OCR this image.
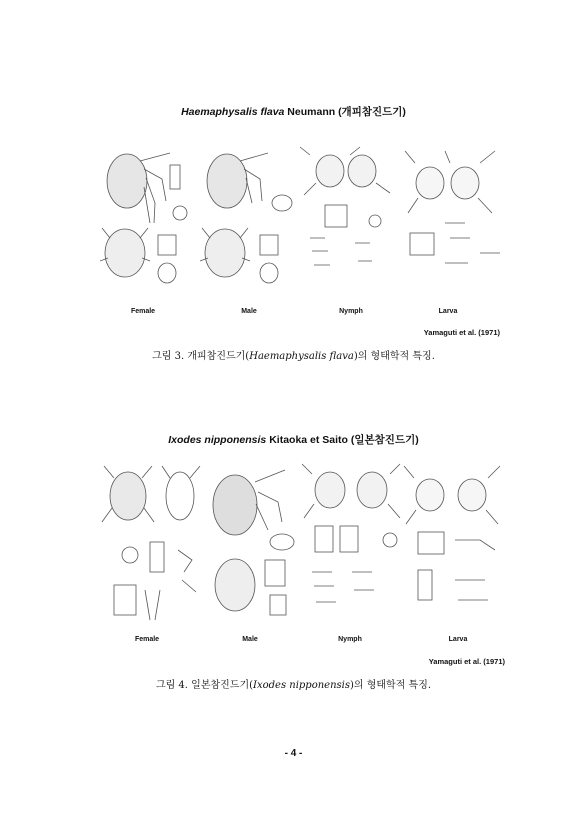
Haemaphysalis flava Neumann (개피참진드기)
Female	Male	Nymph	Larva
Yamaguti et al. (1971)
그림 3. 개피참진드기(Haemaphysalis flava)의 형태학적 특징.
Ixodes nipponensis Kitaoka et Saito (일본참진드기)
Female	Male	Nymph	Larva
Yamaguti et al. (1971)
그림 4. 일본참진드기(Ixodes nipponensis)의 형태학적 특징.
- 4 -
